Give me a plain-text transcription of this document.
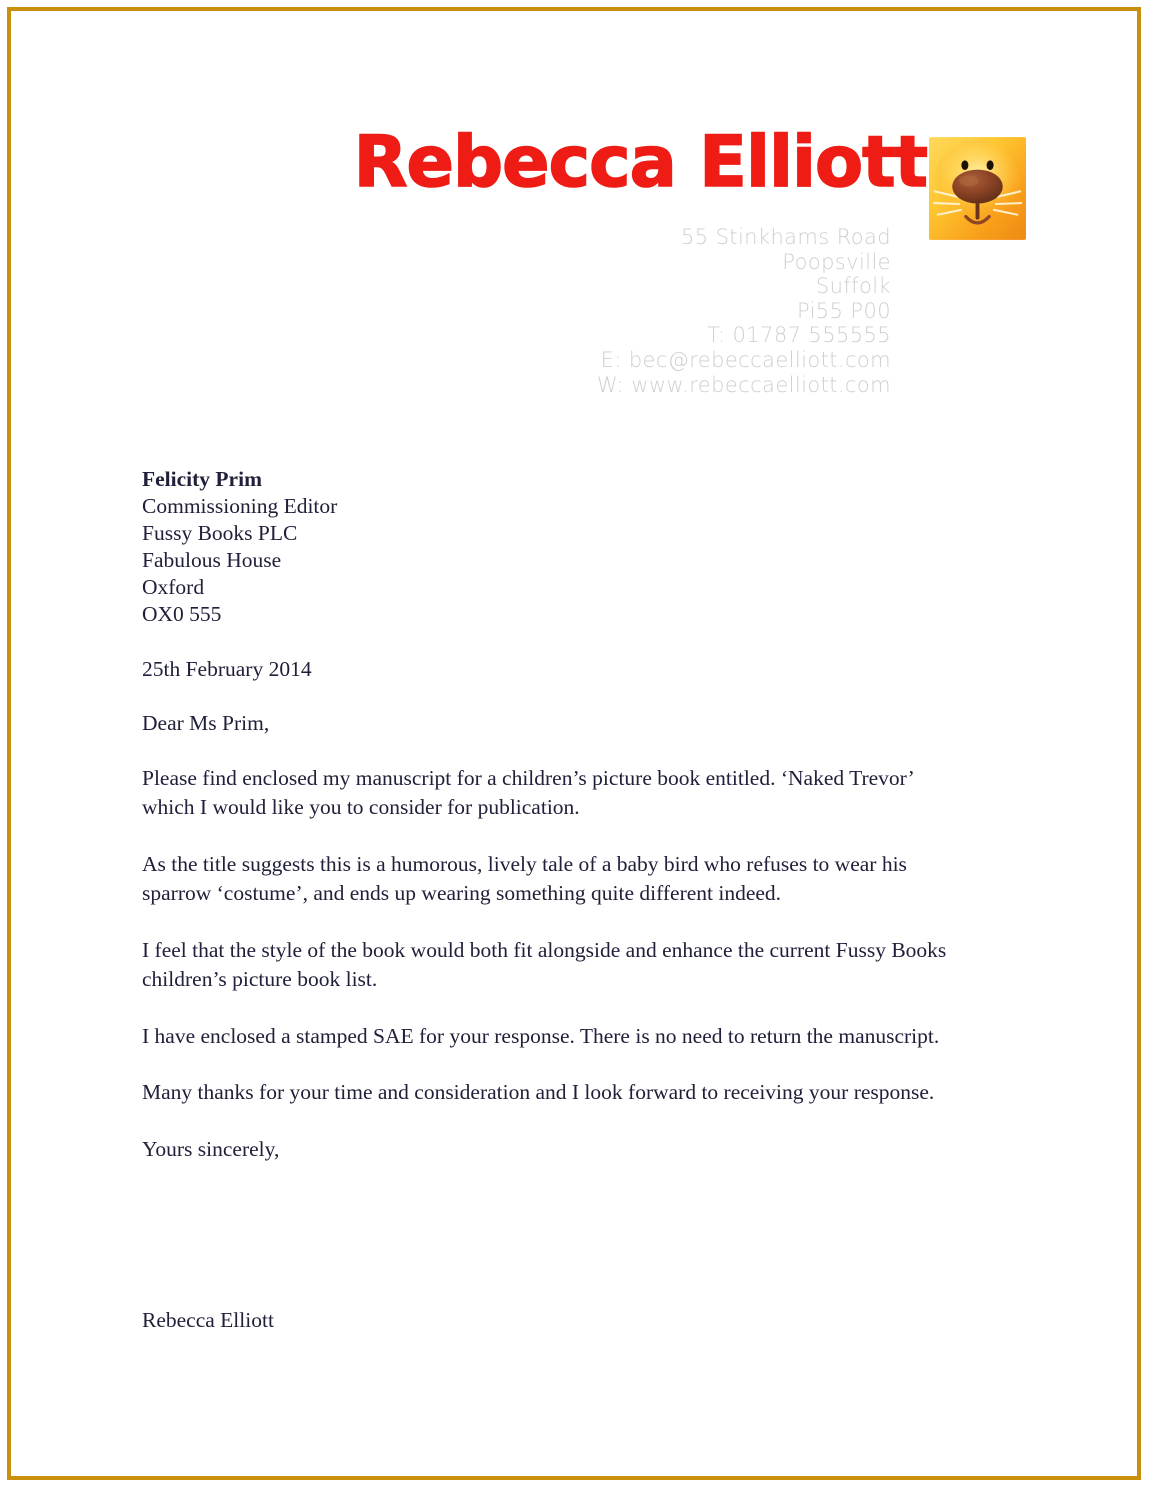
Rebecca Elliott
55 Stinkhams Road
Poopsville
Suffolk
Pi55 P00
T: 01787 555555
E: bec@rebeccaelliott.com
W: www.rebeccaelliott.com
Felicity Prim
Commissioning Editor
Fussy Books PLC
Fabulous House
Oxford
OX0 555
25th February 2014
Dear Ms Prim,
Please find enclosed my manuscript for a children’s picture book entitled. ‘Naked Trevor’ which I would like you to consider for publication.
As the title suggests this is a humorous, lively tale of a baby bird who refuses to wear his sparrow ‘costume’, and ends up wearing something quite different indeed.
I feel that the style of the book would both fit alongside and enhance the current Fussy Books children’s picture book list.
I have enclosed a stamped SAE for your response. There is no need to return the manuscript.
Many thanks for your time and consideration and I look forward to receiving your response.
Yours sincerely,
Rebecca Elliott
